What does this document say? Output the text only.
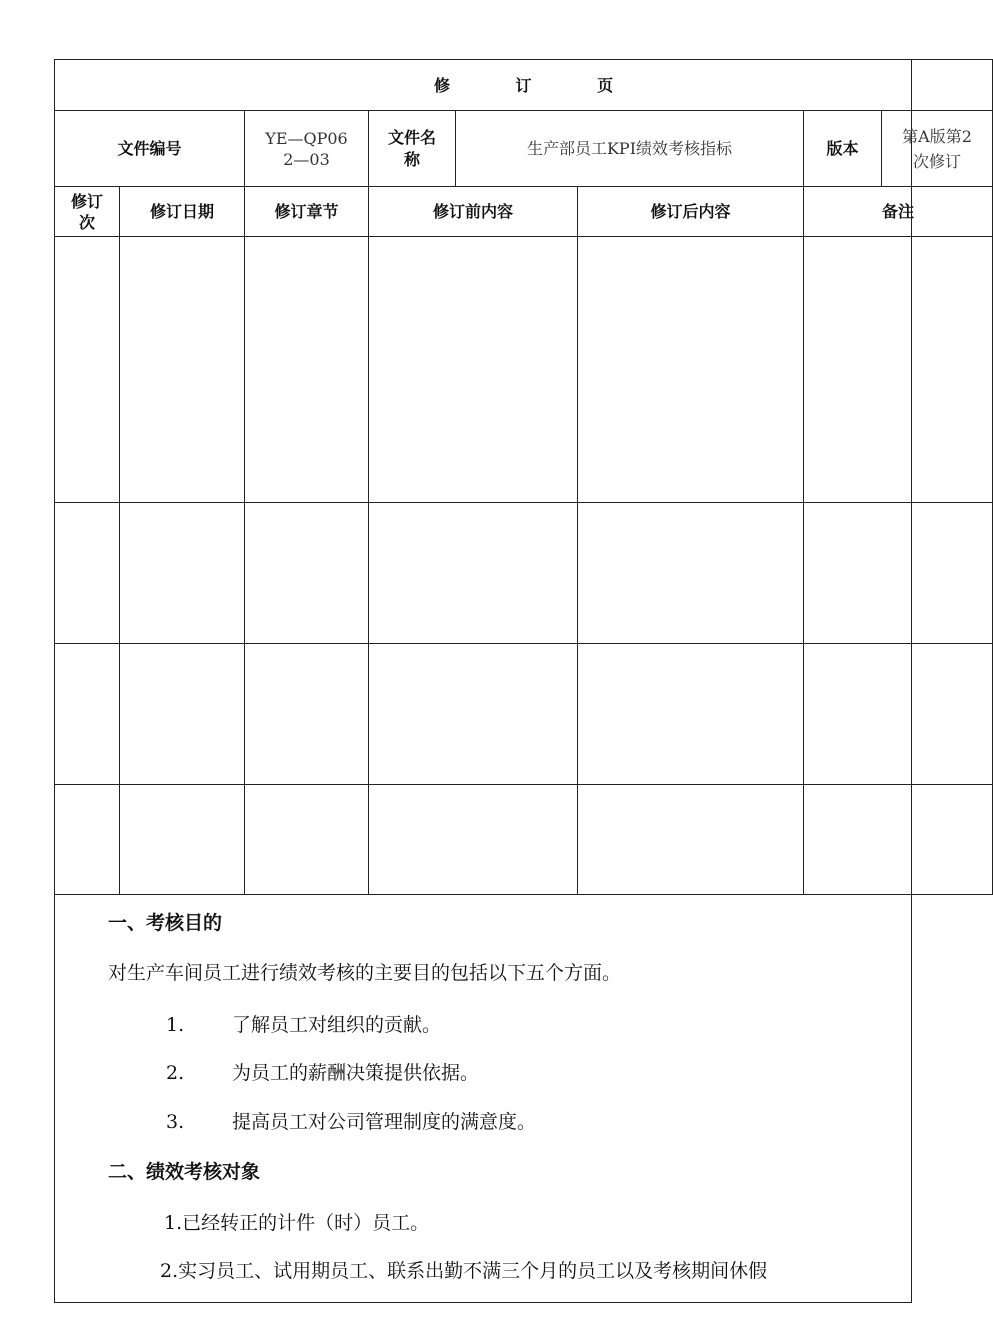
修 订 页							
文件编号		YE—QP062—03	文件名称	生产部员工KPI绩效考核指标		版本	第A版第2次修订

修订次	修订日期	修订章节	修订前内容		修订后内容	备注	

一、考核目的
对生产车间员工进行绩效考核的主要目的包括以下五个方面。
1.	了解员工对组织的贡献。
2.	为员工的薪酬决策提供依据。
3.	提高员工对公司管理制度的满意度。
二、绩效考核对象
1.已经转正的计件（时）员工。
2.实习员工、试用期员工、联系出勤不满三个月的员工以及考核期间休假
